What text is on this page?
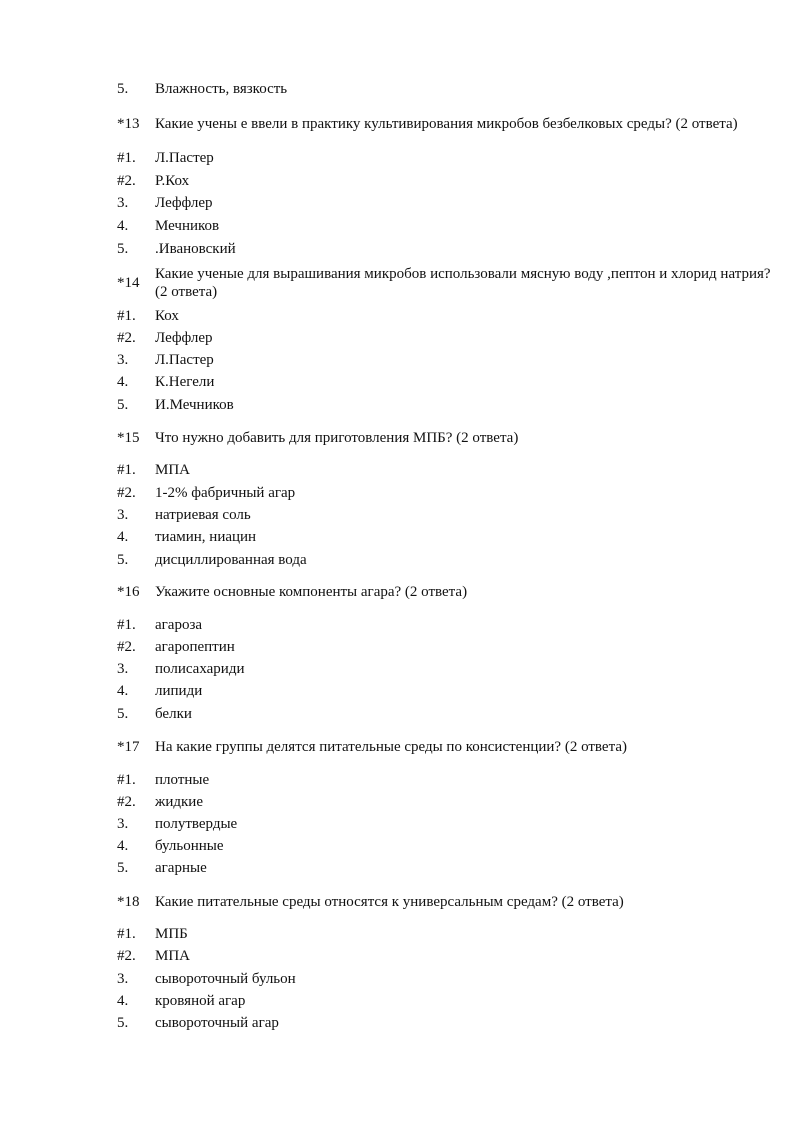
5.	Влажность, вязкость
*13	Какие учены е ввели в практику культивирования микробов безбелковых среды? (2 ответа)
#1.	Л.Пастер
#2.	Р.Кох
3.	Леффлер
4.	Мечников
5.	.Ивановский
*14
Какие ученые для вырашивания микробов использовали мясную воду ,пептон и хлорид натрия?
(2 ответа)
#1.	Кох
#2.	Леффлер
3.	Л.Пастер
4.	К.Негели
5.	И.Мечников
*15	Что нужно добавить для приготовления МПБ? (2 ответа)
#1.	МПА
#2.	1-2% фабричный агар
3.	натриевая соль
4.	тиамин, ниацин
5.	дисциллированная вода
*16	Укажите основные компоненты агара? (2 ответа)
#1.	агароза
#2.	агаропептин
3.	полисахариди
4.	липиди
5.	белки
*17	На какие группы делятся питательные среды по консистенции? (2 ответа)
#1.	плотные
#2.	жидкие
3.	полутвердые
4.	бульонные
5.	агарные
*18	Какие питательные среды относятся к универсальным средам? (2 ответа)
#1.	МПБ
#2.	МПА
3.	сывороточный бульон
4.	кровяной агар
5.	сывороточный агар
